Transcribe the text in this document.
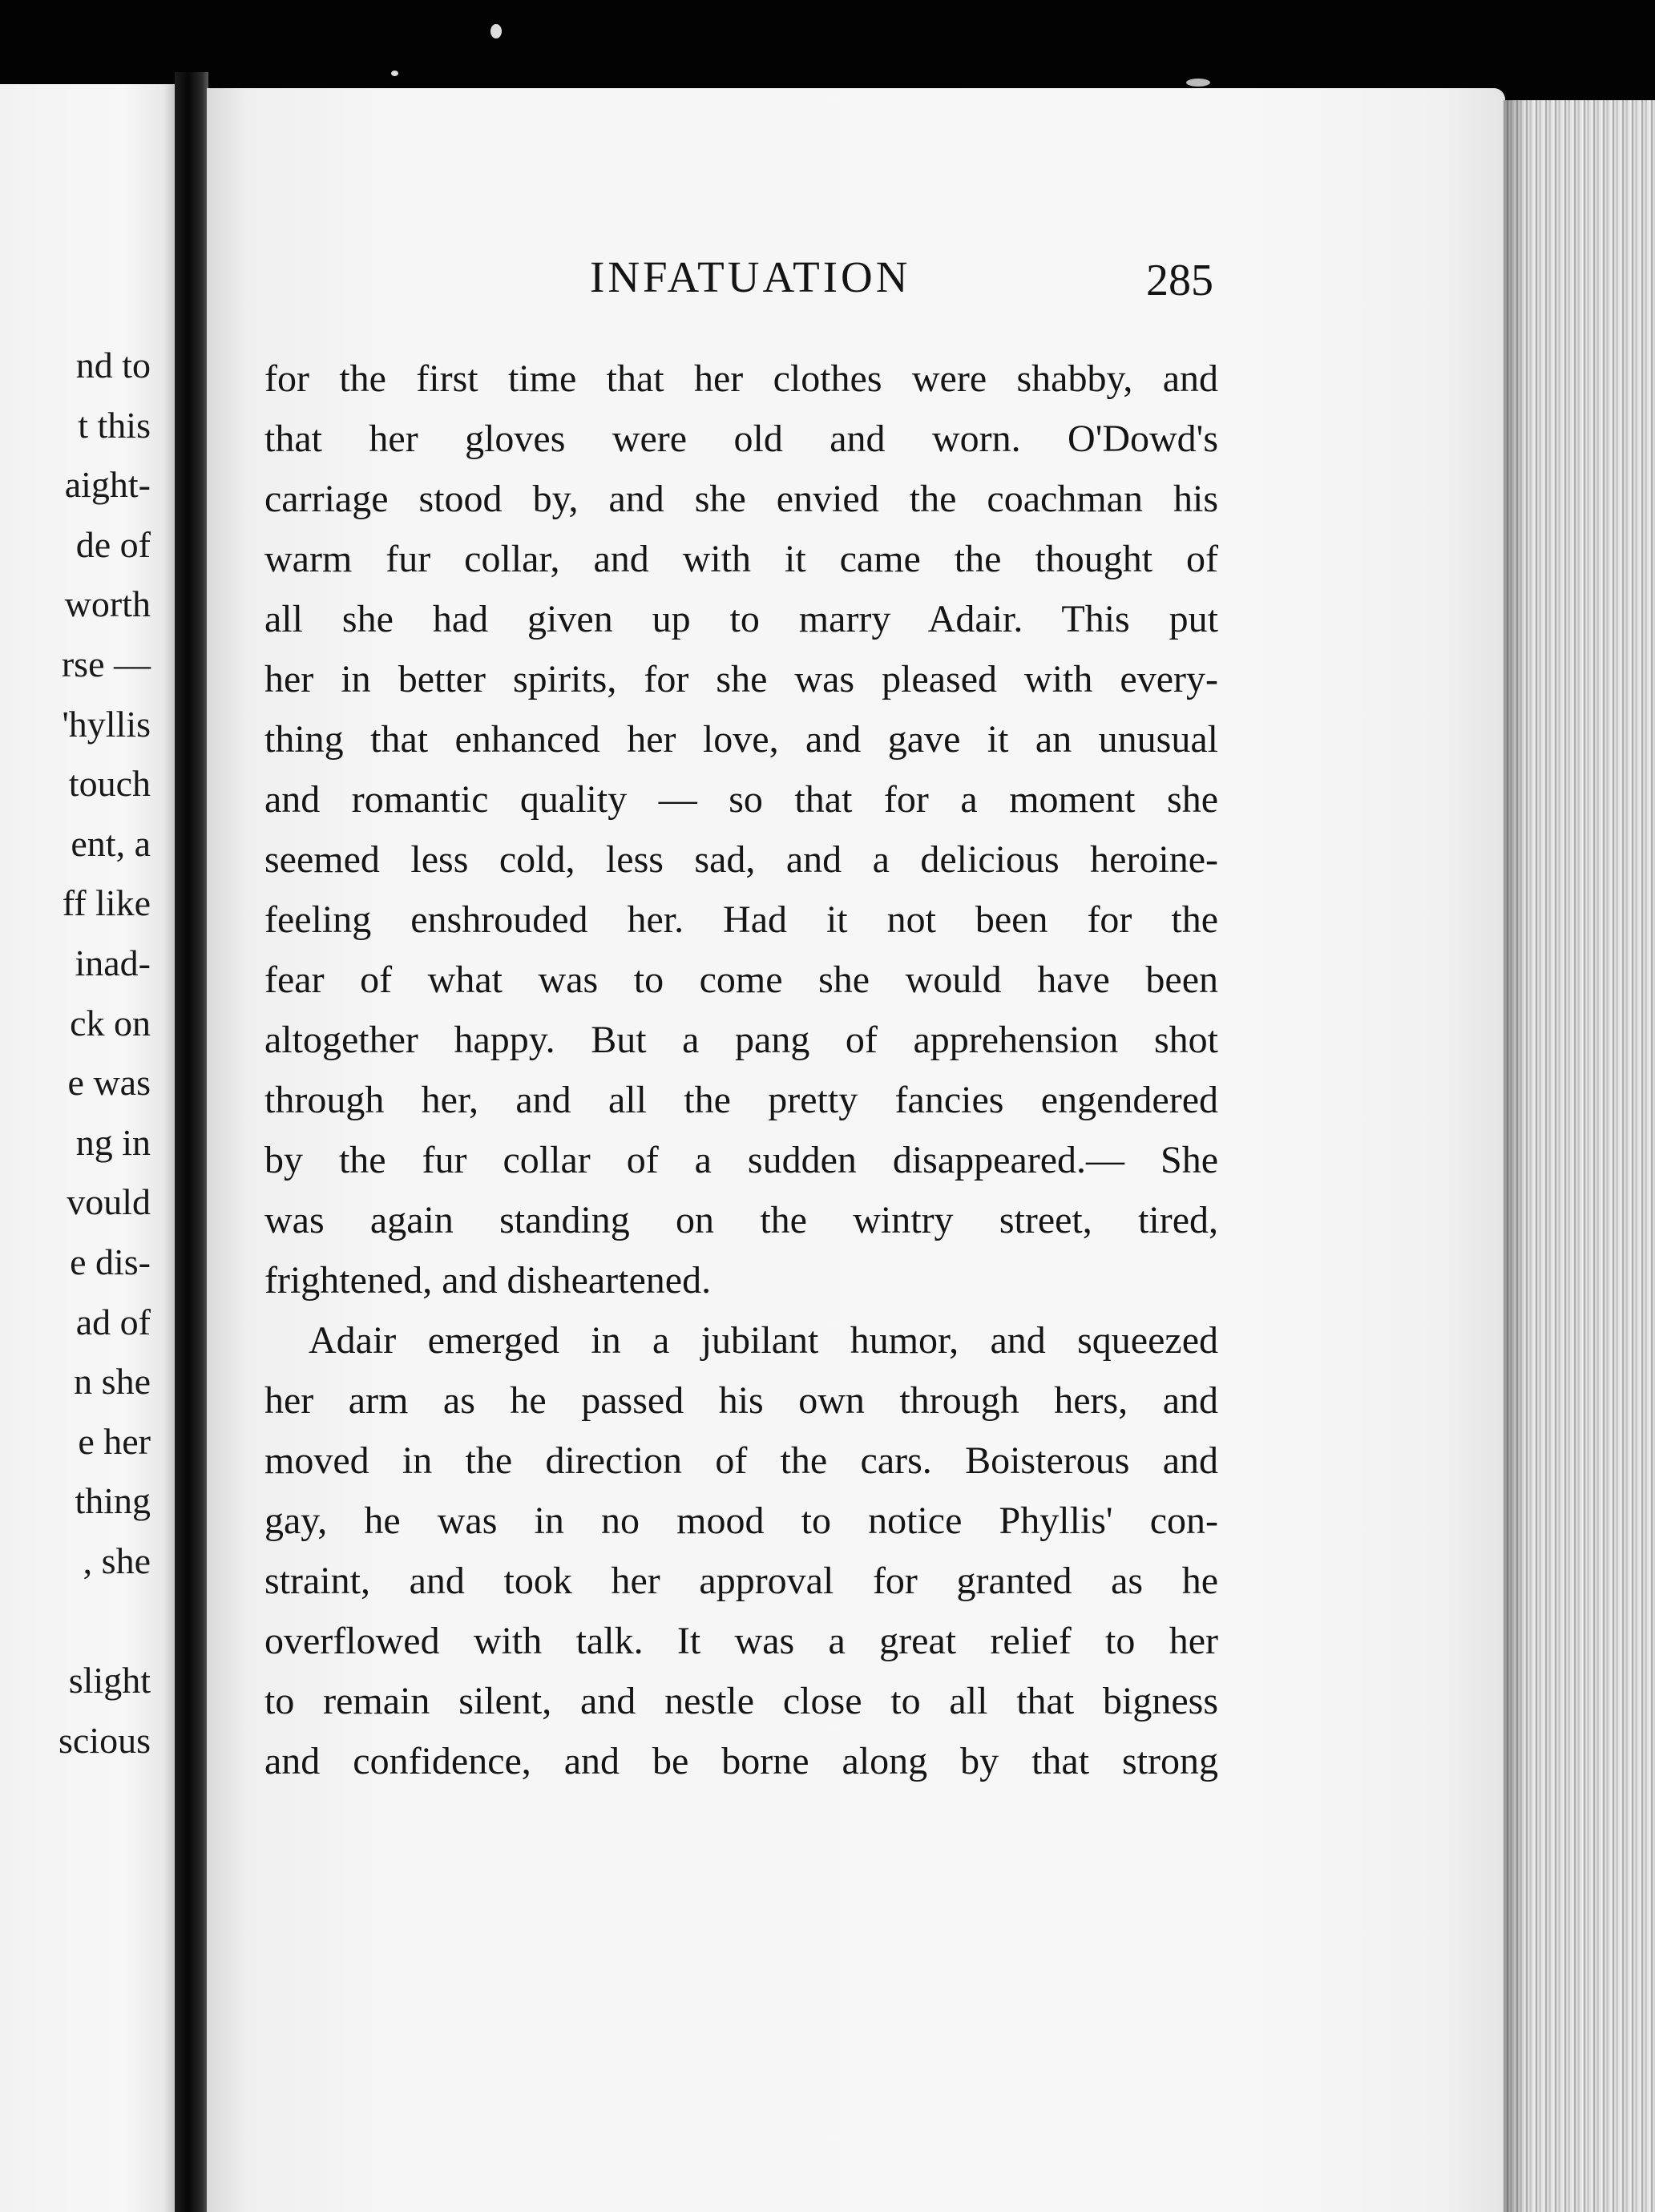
nd to
t this
aight-
de of
worth
rse —
'hyllis
touch
ent, a
ff like
inad-
ck on
e was
ng in
vould
e dis-
ad of
n she
e her
thing
, she
slight
scious
INFATUATION	285
for the first time that her clothes were shabby, and
that her gloves were old and worn. O'Dowd's
carriage stood by, and she envied the coachman his
warm fur collar, and with it came the thought of
all she had given up to marry Adair. This put
her in better spirits, for she was pleased with every-
thing that enhanced her love, and gave it an unusual
and romantic quality — so that for a moment she
seemed less cold, less sad, and a delicious heroine-
feeling enshrouded her. Had it not been for the
fear of what was to come she would have been
altogether happy. But a pang of apprehension shot
through her, and all the pretty fancies engendered
by the fur collar of a sudden disappeared.— She
was again standing on the wintry street, tired,
frightened, and disheartened.
Adair emerged in a jubilant humor, and squeezed
her arm as he passed his own through hers, and
moved in the direction of the cars. Boisterous and
gay, he was in no mood to notice Phyllis' con-
straint, and took her approval for granted as he
overflowed with talk. It was a great relief to her
to remain silent, and nestle close to all that bigness
and confidence, and be borne along by that strong
